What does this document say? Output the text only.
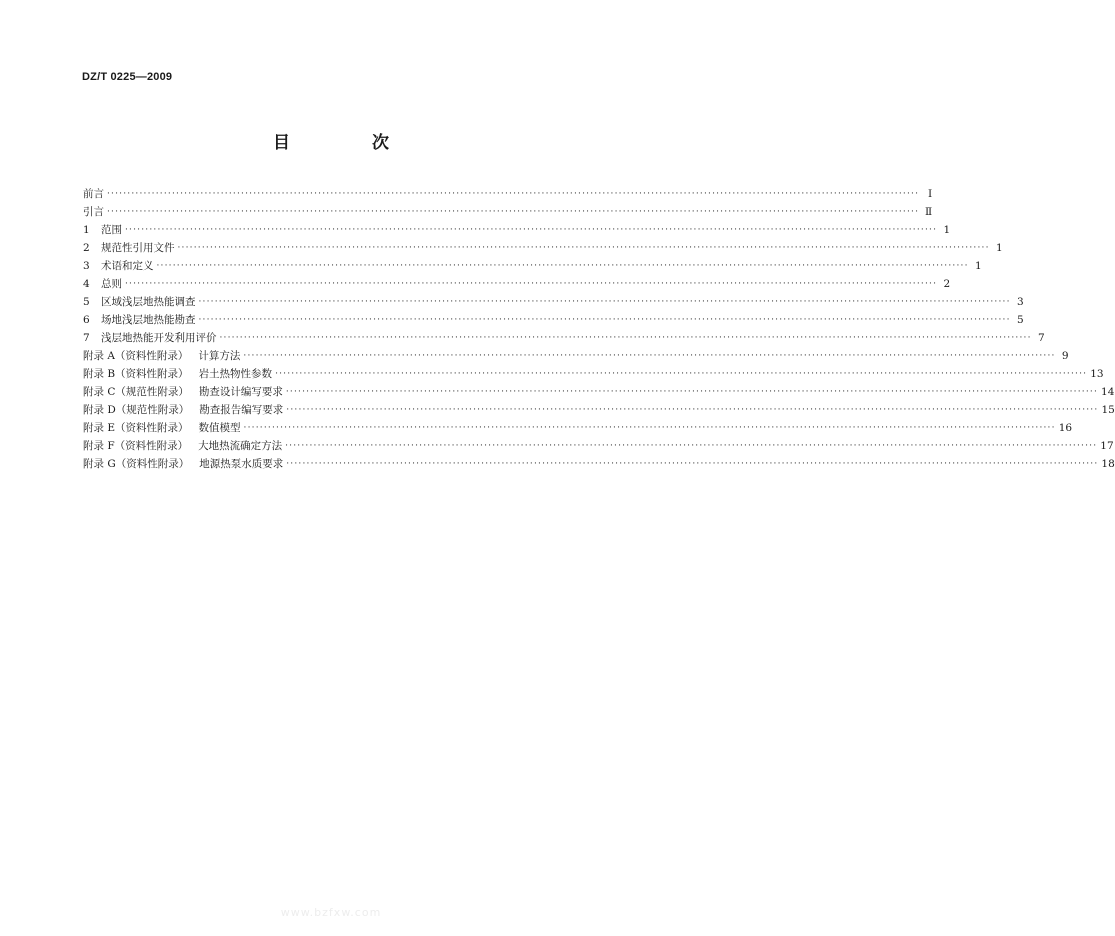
DZ/T 0225—2009
目 次
前言 ········································································································································································································ Ⅰ
引言 ········································································································································································································ Ⅱ
1 范围 ········································································································································································································ 1
2 规范性引用文件 ········································································································································································································ 1
3 术语和定义 ········································································································································································································ 1
4 总则 ········································································································································································································ 2
5 区域浅层地热能调查 ········································································································································································································ 3
6 场地浅层地热能勘查 ········································································································································································································ 5
7 浅层地热能开发利用评价 ········································································································································································································ 7
附录 A（资料性附录） 计算方法 ········································································································································································································ 9
附录 B（资料性附录） 岩土热物性参数 ········································································································································································································ 13
附录 C（规范性附录） 勘查设计编写要求 ········································································································································································································ 14
附录 D（规范性附录） 勘查报告编写要求 ········································································································································································································ 15
附录 E（资料性附录） 数值模型 ········································································································································································································ 16
附录 F（资料性附录） 大地热流确定方法 ········································································································································································································ 17
附录 G（资料性附录） 地源热泵水质要求 ········································································································································································································ 18
www.bzfxw.com
